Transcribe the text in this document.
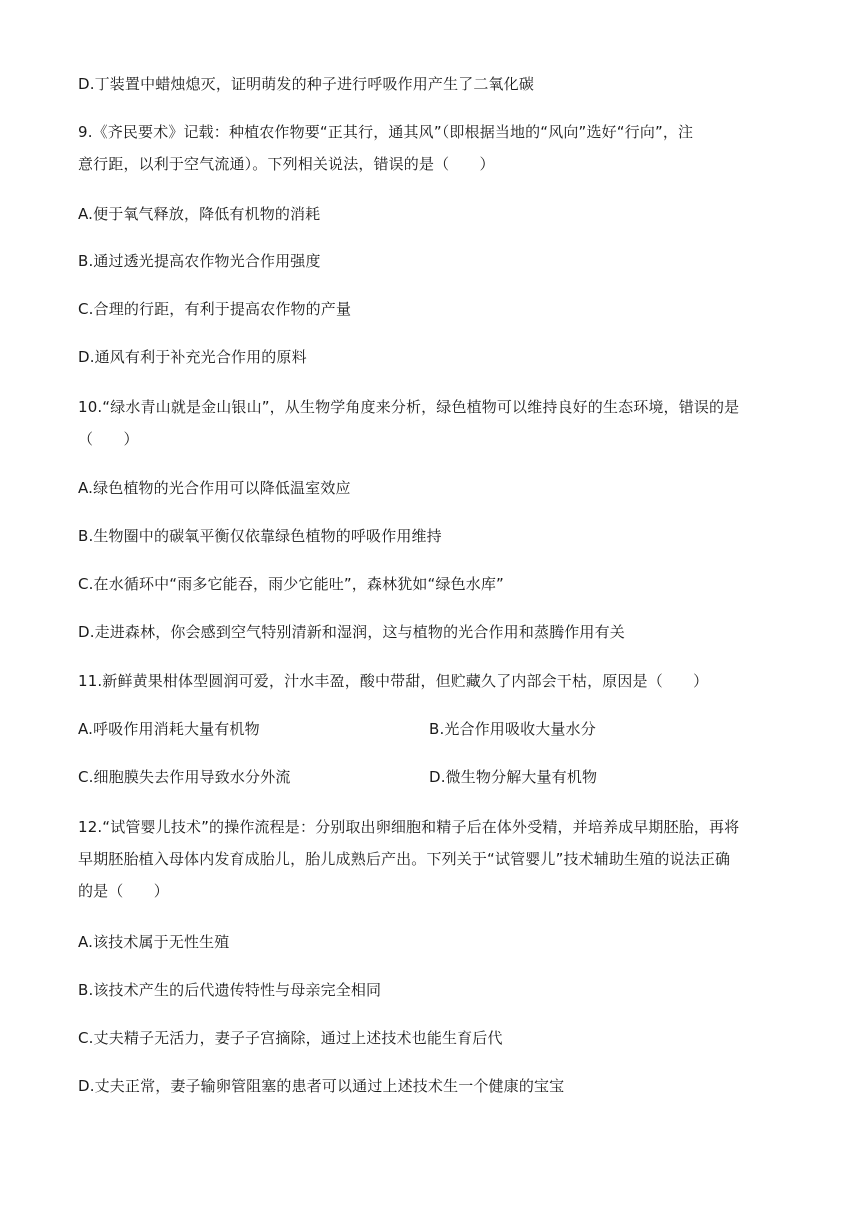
D.丁装置中蜡烛熄灭，证明萌发的种子进行呼吸作用产生了二氧化碳
9.《齐民要术》记载：种植农作物要“正其行，通其风”（即根据当地的“风向”选好“行向”，注
意行距，以利于空气流通）。下列相关说法，错误的是（　　）
A.便于氧气释放，降低有机物的消耗
B.通过透光提高农作物光合作用强度
C.合理的行距，有利于提高农作物的产量
D.通风有利于补充光合作用的原料
10.“绿水青山就是金山银山”，从生物学角度来分析，绿色植物可以维持良好的生态环境，错误的是
（　　）
A.绿色植物的光合作用可以降低温室效应
B.生物圈中的碳氧平衡仅依靠绿色植物的呼吸作用维持
C.在水循环中“雨多它能吞，雨少它能吐”，森林犹如“绿色水库”
D.走进森林，你会感到空气特别清新和湿润，这与植物的光合作用和蒸腾作用有关
11.新鲜黄果柑体型圆润可爱，汁水丰盈，酸中带甜，但贮藏久了内部会干枯，原因是（　　）
A.呼吸作用消耗大量有机物	B.光合作用吸收大量水分
C.细胞膜失去作用导致水分外流	D.微生物分解大量有机物
12.“试管婴儿技术”的操作流程是：分别取出卵细胞和精子后在体外受精，并培养成早期胚胎，再将
早期胚胎植入母体内发育成胎儿，胎儿成熟后产出。下列关于“试管婴儿”技术辅助生殖的说法正确
的是（　　）
A.该技术属于无性生殖
B.该技术产生的后代遗传特性与母亲完全相同
C.丈夫精子无活力，妻子子宫摘除，通过上述技术也能生育后代
D.丈夫正常，妻子输卵管阻塞的患者可以通过上述技术生一个健康的宝宝
